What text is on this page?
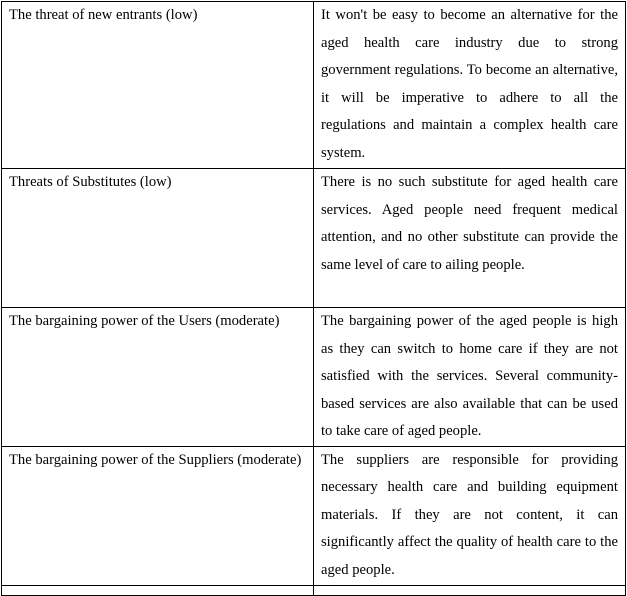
The threat of new entrants (low)	It won't be easy to become an alternative for the aged health care industry due to strong government regulations. To become an alternative, it will be imperative to adhere to all the regulations and maintain a complex health care system.

Threats of Substitutes (low)	There is no such substitute for aged health care services. Aged people need frequent medical attention, and no other substitute can provide the same level of care to ailing people.

The bargaining power of the Users (moderate)	The bargaining power of the aged people is high as they can switch to home care if they are not satisfied with the services. Several community-based services are also available that can be used to take care of aged people.

The bargaining power of the Suppliers (moderate)	The suppliers are responsible for providing necessary health care and building equipment materials. If they are not content, it can significantly affect the quality of health care to the aged people.
